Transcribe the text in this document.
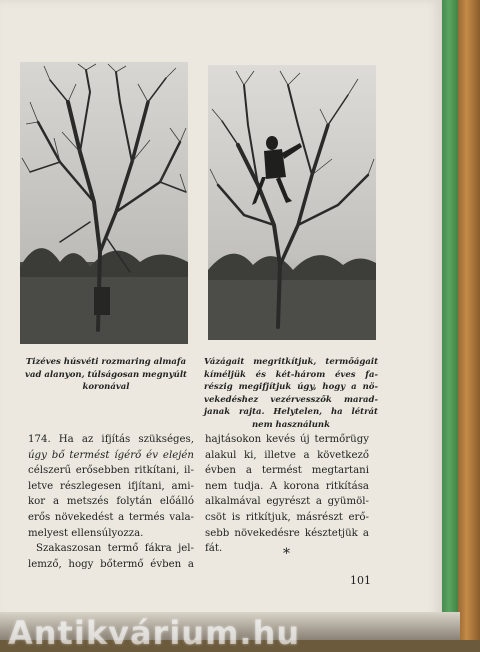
Tizéves húsvéti rozmaring almafa vad alanyon, túlságosan megnyúlt koronával
Vázágait megritkítjuk, termőágait
kíméljük és két-három éves fa-
részig megifjítjuk úgy, hogy a nö-
vekedéshez vezérvesszők marad-
janak rajta. Helytelen, ha létrát
nem használunk
174. Ha az ifjítás szükséges,
úgy bő termést ígérő év elején
célszerű erősebben ritkítani, il-
letve részlegesen ifjítani, ami-
kor a metszés folytán előálló
erős növekedést a termés vala-
melyest ellensúlyozza.
Szakaszosan termő fákra jel-
lemző, hogy bőtermő évben a
hajtásokon kevés új termőrügy
alakul ki, illetve a következő
évben a termést megtartani
nem tudja. A korona ritkítása
alkalmával egyrészt a gyümöl-
csöt is ritkítjuk, másrészt erő-
sebb növekedésre késztetjük a
fát.	*
101
Antikvárium.hu
